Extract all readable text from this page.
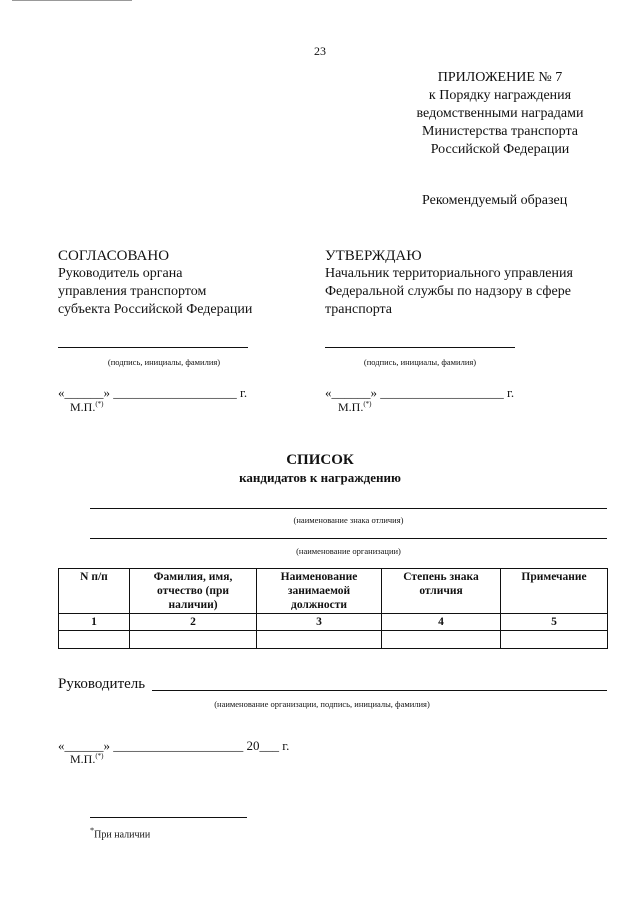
23
ПРИЛОЖЕНИЕ № 7
к Порядку награждения
ведомственными наградами
Министерства транспорта
Российской Федерации
Рекомендуемый образец
СОГЛАСОВАНО
Руководитель органа
управления транспортом
субъекта Российской Федерации
(подпись, инициалы, фамилия)
«______» ___________________ г.
М.П.(*)
УТВЕРЖДАЮ
Начальник территориального управления
Федеральной службы по надзору в сфере
транспорта
(подпись, инициалы, фамилия)
«______» ___________________ г.
М.П.(*)
СПИСОК
кандидатов к награждению
(наименование знака отличия)
(наименование организации)
N п/п	Фамилия, имя, отчество (при наличии)	Наименование занимаемой должности	Степень знака отличия	Примечание
1	2	3	4	5

Руководитель
(наименование организации, подпись, инициалы, фамилия)
«______» ____________________ 20___ г.
М.П.(*)
*При наличии
